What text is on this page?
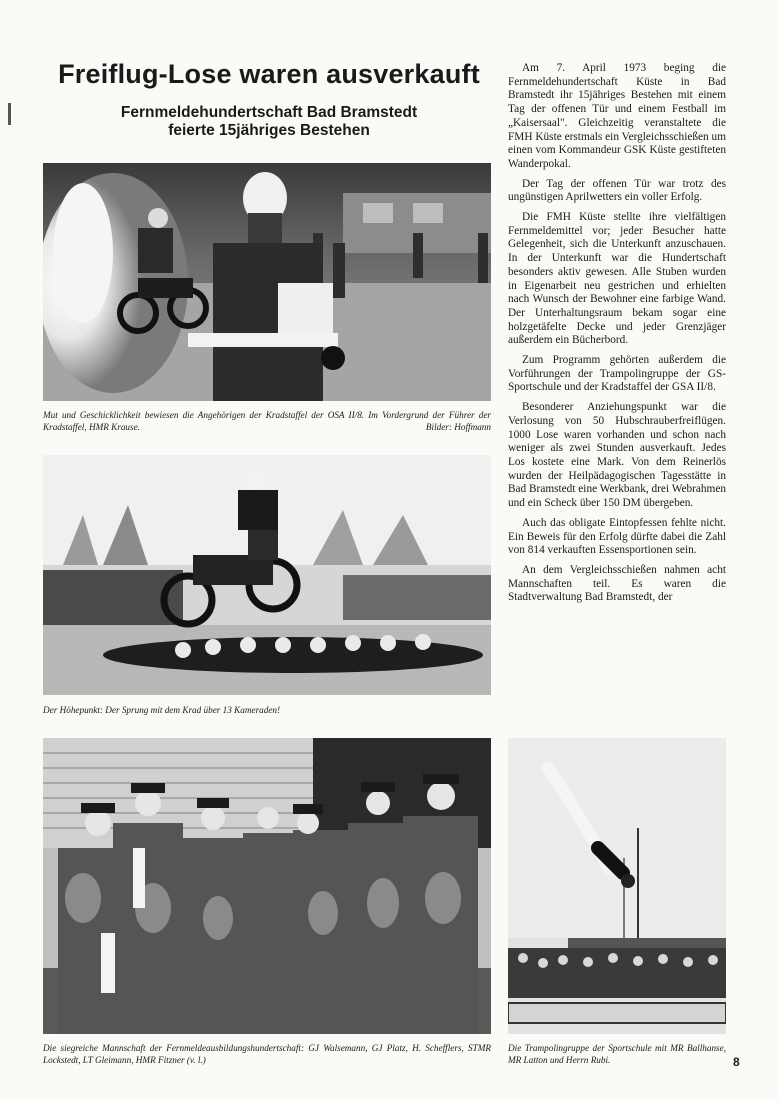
Freiflug-Lose waren ausverkauft
Fernmeldehundertschaft Bad Bramstedt
feierte 15jähriges Bestehen
Mut und Geschicklichkeit bewiesen die Angehörigen der Kradstaffel der OSA II/8. Im Vordergrund der Führer der Kradstaffel, HMR Krause.	Bilder: Hoffmann
Der Höhepunkt: Der Sprung mit dem Krad über 13 Kameraden!
Die siegreiche Mannschaft der Fernmeldeausbildungshundertschaft: GJ Walsemann, GJ Platz, H. Schefflers, STMR Lockstedt, LT Gleimann, HMR Fitzner (v. l.)
Die Trampolingruppe der Sportschule mit MR Ballhanse, MR Latton und Herrn Rubi.

Am 7. April 1973 beging die Fernmeldehundertschaft Küste in Bad Bramstedt ihr 15jähriges Bestehen mit einem Tag der offenen Tür und einem Festball im „Kaisersaal". Gleichzeitig veranstaltete die FMH Küste erstmals ein Vergleichsschießen um einen vom Kommandeur GSK Küste gestifteten Wanderpokal.

Der Tag der offenen Tür war trotz des ungünstigen Aprilwetters ein voller Erfolg.

Die FMH Küste stellte ihre vielfältigen Fernmeldemittel vor; jeder Besucher hatte Gelegenheit, sich die Unterkunft anzuschauen. In der Unterkunft war die Hundertschaft besonders aktiv gewesen. Alle Stuben wurden in Eigenarbeit neu gestrichen und erhielten nach Wunsch der Bewohner eine farbige Wand. Der Unterhaltungsraum bekam sogar eine holzgetäfelte Decke und jeder Grenzjäger außerdem ein Bücherbord.

Zum Programm gehörten außerdem die Vorführungen der Trampolingruppe der GS-Sportschule und der Kradstaffel der GSA II/8.

Besonderer Anziehungspunkt war die Verlosung von 50 Hubschrauberfreiflügen. 1000 Lose waren vorhanden und schon nach weniger als zwei Stunden ausverkauft. Jedes Los kostete eine Mark. Von dem Reinerlös wurden der Heilpädagogischen Tagesstätte in Bad Bramstedt eine Werkbank, drei Webrahmen und ein Scheck über 150 DM übergeben.

Auch das obligate Eintopfessen fehlte nicht. Ein Beweis für den Erfolg dürfte dabei die Zahl von 814 verkauften Essensportionen sein.

An dem Vergleichsschießen nahmen acht Mannschaften teil. Es waren die Stadtverwaltung Bad Bramstedt, der

8
